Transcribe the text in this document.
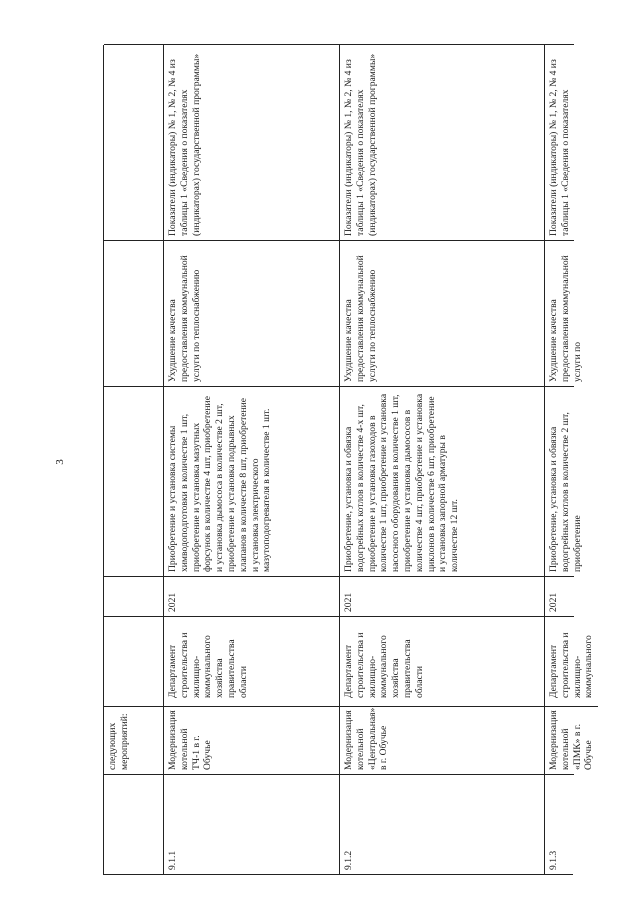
3
следующих мероприятий:
9.1.1
Модернизация котельной ТЧ-1 в г. Обучье
Департамент строительства и жилищно-коммунального хозяйства правительства области
2021
Приобретение и установка системы химводоподготовки в количестве 1 шт, приобретение и установка мазутных форсунок в количестве 4 шт, приобретение и установка дымососа в количестве 2 шт, приобретение и установка подрывных клапанов в количестве 8 шт, приобретение и установка электрического мазутоподогревателя в количестве 1 шт.
Ухудшение качества предоставления коммунальной услуги по теплоснабжению
Показатели (индикаторы) № 1, № 2, № 4 из таблицы 1 «Сведения о показателях (индикаторах) государственной программы»
9.1.2
Модернизация котельной «Центральная» в г. Обучье
Департамент строительства и жилищно-коммунального хозяйства правительства области
2021
Приобретение, установка и обвязка водогрейных котлов в количестве 4-х шт, приобретение и установка газоходов в количестве 1 шт, приобретение и установка насосного оборудования в количестве 1 шт, приобретение и установка дымососов в количестве 4 шт, приобретение и установка циклонов в количестве 6 шт, приобретение и установка запорной арматуры в количестве 12 шт.
Ухудшение качества предоставления коммунальной услуги по теплоснабжению
Показатели (индикаторы) № 1, № 2, № 4 из таблицы 1 «Сведения о показателях (индикаторах) государственной программы»
9.1.3
Модернизация котельной «ПМК» в г. Обучье
Департамент строительства и жилищно-коммунального
2021
Приобретение, установка и обвязка водогрейных котлов в количестве 2 шт, приобретение
Ухудшение качества предоставления коммунальной услуги по
Показатели (индикаторы) № 1, № 2, № 4 из таблицы 1 «Сведения о показателях
